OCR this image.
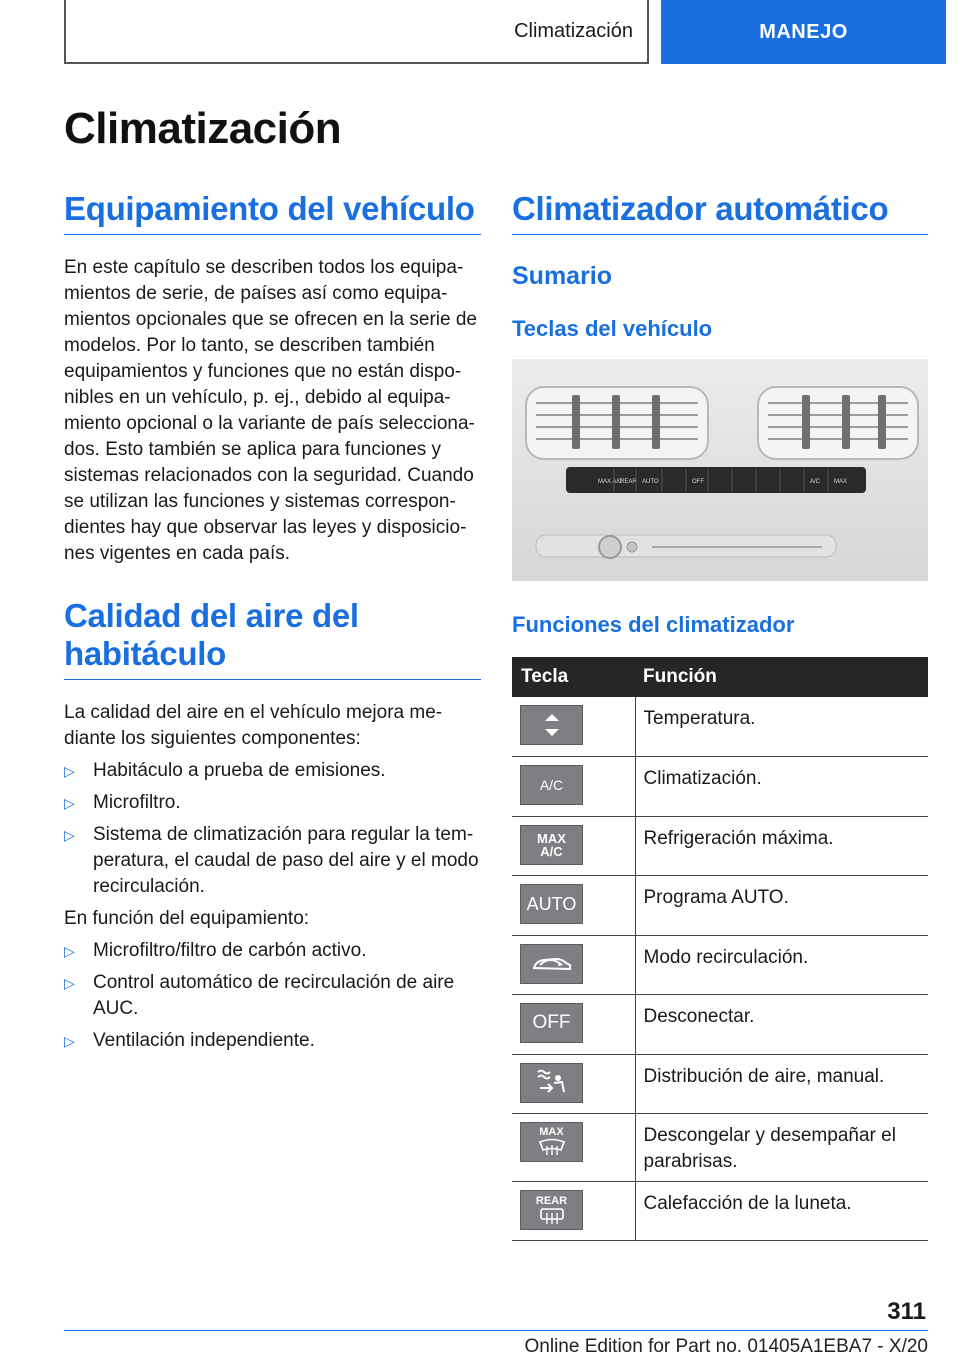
Climatización	MANEJO
Climatización
Equipamiento del vehículo
En este capítulo se describen todos los equipamientos de serie, de países así como equipamientos opcionales que se ofrecen en la serie de modelos. Por lo tanto, se describen también equipamientos y funciones que no están disponibles en un vehículo, p. ej., debido al equipamiento opcional o la variante de país seleccionados. Esto también se aplica para funciones y sistemas relacionados con la seguridad. Cuando se utilizan las funciones y sistemas correspondientes hay que observar las leyes y disposiciones vigentes en cada país.
Calidad del aire del habitáculo
La calidad del aire en el vehículo mejora mediante los siguientes componentes:
▷ Habitáculo a prueba de emisiones.
▷ Microfiltro.
▷ Sistema de climatización para regular la temperatura, el caudal de paso del aire y el modo recirculación.
En función del equipamiento:
▷ Microfiltro/filtro de carbón activo.
▷ Control automático de recirculación de aire AUC.
▷ Ventilación independiente.
Climatizador automático
Sumario
Teclas del vehículo
MAX A/C
REAR AUTO	OFF	A/C MAX
Funciones del climatizador
Tecla	Función

	Temperatura.

A/C	Climatización.

MAX
A/C	Refrigeración máxima.

AUTO	Programa AUTO.

	Modo recirculación.

OFF	Desconectar.

	Distribución de aire, manual.

MAX	Descongelar y desempañar el parabrisas.

REAR	Calefacción de la luneta.
311
Online Edition for Part no. 01405A1EBA7 - X/20
